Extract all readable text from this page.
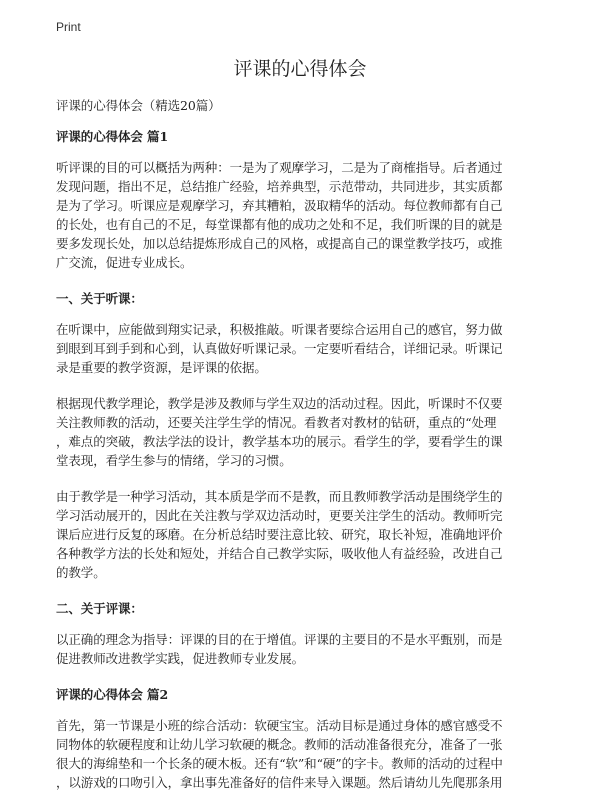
Print
评课的心得体会
评课的心得体会（精选20篇）
评课的心得体会 篇1
听评课的目的可以概括为两种：一是为了观摩学习，二是为了商榷指导。后者通过
发现问题，指出不足，总结推广经验，培养典型，示范带动，共同进步，其实质都
是为了学习。听课应是观摩学习，弃其糟粕，汲取精华的活动。每位教师都有自己
的长处，也有自己的不足，每堂课都有他的成功之处和不足，我们听课的目的就是
要多发现长处，加以总结提炼形成自己的风格，或提高自己的课堂教学技巧，或推
广交流，促进专业成长。
一、关于听课：
在听课中，应能做到翔实记录，积极推敲。听课者要综合运用自己的感官，努力做
到眼到耳到手到和心到，认真做好听课记录。一定要听看结合，详细记录。听课记
录是重要的教学资源，是评课的依据。
根据现代教学理论，教学是涉及教师与学生双边的活动过程。因此，听课时不仅要
关注教师教的活动，还要关注学生学的情况。看教者对教材的钻研，重点的“处理
，难点的突破，教法学法的设计，教学基本功的展示。看学生的学，要看学生的课
堂表现，看学生参与的情绪，学习的习惯。
由于教学是一种学习活动，其本质是学而不是教，而且教师教学活动是围绕学生的
学习活动展开的，因此在关注教与学双边活动时，更要关注学生的活动。教师听完
课后应进行反复的琢磨。在分析总结时要注意比较、研究，取长补短，准确地评价
各种教学方法的长处和短处，并结合自己教学实际，吸收他人有益经验，改进自己
的教学。
二、关于评课：
以正确的理念为指导：评课的目的在于增值。评课的主要目的不是水平甄别，而是
促进教师改进教学实践，促进教师专业发展。
评课的心得体会 篇2
首先，第一节课是小班的综合活动：软硬宝宝。活动目标是通过身体的感官感受不
同物体的软硬程度和让幼儿学习软硬的概念。教师的活动准备很充分，准备了一张
很大的海绵垫和一个长条的硬木板。还有“软”和“硬”的字卡。教师的活动的过程中
，以游戏的口吻引入，拿出事先准备好的信件来导入课题。然后请幼儿先爬那条用
